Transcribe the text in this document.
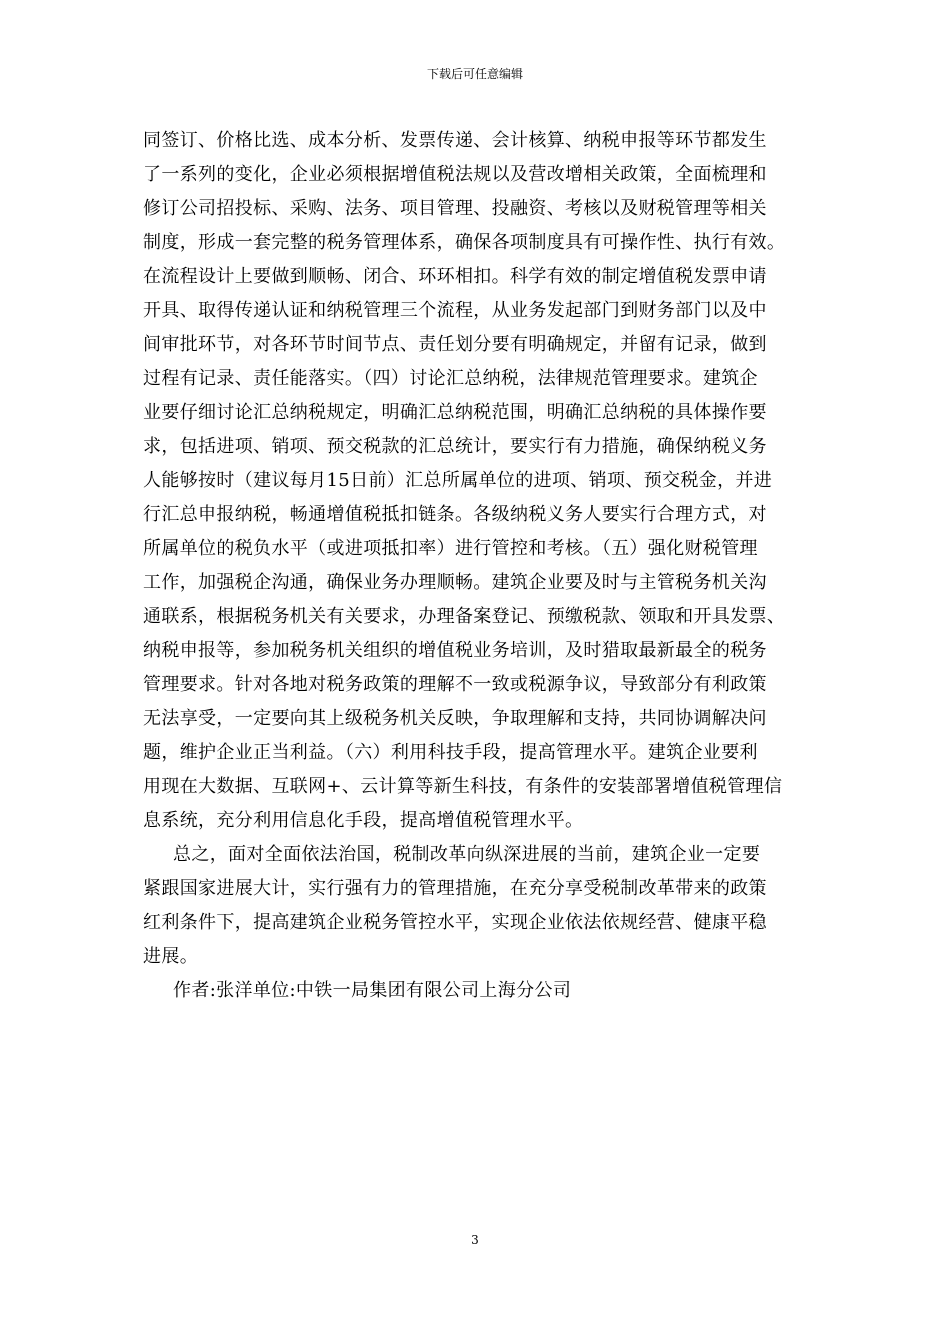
下载后可任意编辑
同签订、价格比选、成本分析、发票传递、会计核算、纳税申报等环节都发生
了一系列的变化，企业必须根据增值税法规以及营改增相关政策，全面梳理和
修订公司招投标、采购、法务、项目管理、投融资、考核以及财税管理等相关
制度，形成一套完整的税务管理体系，确保各项制度具有可操作性、执行有效。
在流程设计上要做到顺畅、闭合、环环相扣。科学有效的制定增值税发票申请
开具、取得传递认证和纳税管理三个流程，从业务发起部门到财务部门以及中
间审批环节，对各环节时间节点、责任划分要有明确规定，并留有记录，做到
过程有记录、责任能落实。（四）讨论汇总纳税，法律规范管理要求。建筑企
业要仔细讨论汇总纳税规定，明确汇总纳税范围，明确汇总纳税的具体操作要
求，包括进项、销项、预交税款的汇总统计，要实行有力措施，确保纳税义务
人能够按时（建议每月15日前）汇总所属单位的进项、销项、预交税金，并进
行汇总申报纳税，畅通增值税抵扣链条。各级纳税义务人要实行合理方式，对
所属单位的税负水平（或进项抵扣率）进行管控和考核。（五）强化财税管理
工作，加强税企沟通，确保业务办理顺畅。建筑企业要及时与主管税务机关沟
通联系，根据税务机关有关要求，办理备案登记、预缴税款、领取和开具发票、
纳税申报等，参加税务机关组织的增值税业务培训，及时猎取最新最全的税务
管理要求。针对各地对税务政策的理解不一致或税源争议，导致部分有利政策
无法享受，一定要向其上级税务机关反映，争取理解和支持，共同协调解决问
题，维护企业正当利益。（六）利用科技手段，提高管理水平。建筑企业要利
用现在大数据、互联网+、云计算等新生科技，有条件的安装部署增值税管理信
息系统，充分利用信息化手段，提高增值税管理水平。
总之，面对全面依法治国，税制改革向纵深进展的当前，建筑企业一定要
紧跟国家进展大计，实行强有力的管理措施，在充分享受税制改革带来的政策
红利条件下，提高建筑企业税务管控水平，实现企业依法依规经营、健康平稳
进展。
作者:张洋单位:中铁一局集团有限公司上海分公司
3
